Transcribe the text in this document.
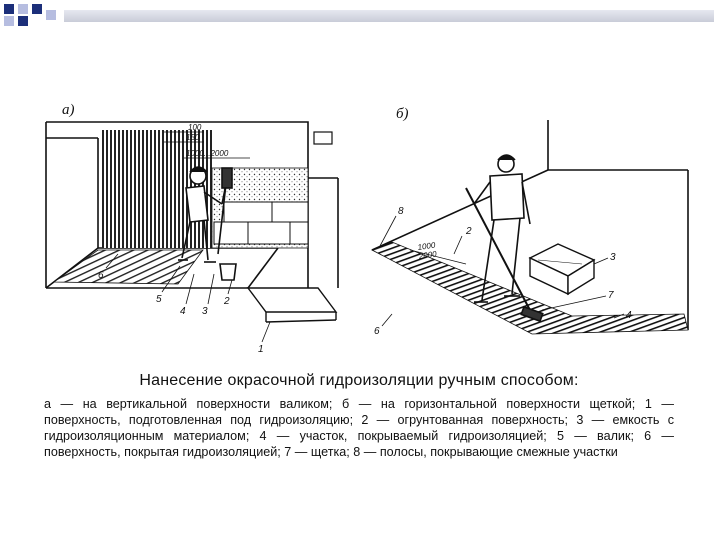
а)
100
150
1000...2000
6
5
4 3
2
1
б)
10002000
8
2
3
7
4
6
Нанесение окрасочной гидроизоляции ручным способом:
а — на вертикальной поверхности валиком; б — на горизонтальной поверхности щеткой; 1 — поверхность, подготовленная под гидроизоляцию; 2 — огрунтованная поверхность; 3 — емкость с гидроизоляционным материалом; 4 — участок, покрываемый гидроизоляцией; 5 — валик; 6 — поверхность, покрытая гидроизоляцией; 7 — щетка; 8 — полосы, покрывающие смежные участки
